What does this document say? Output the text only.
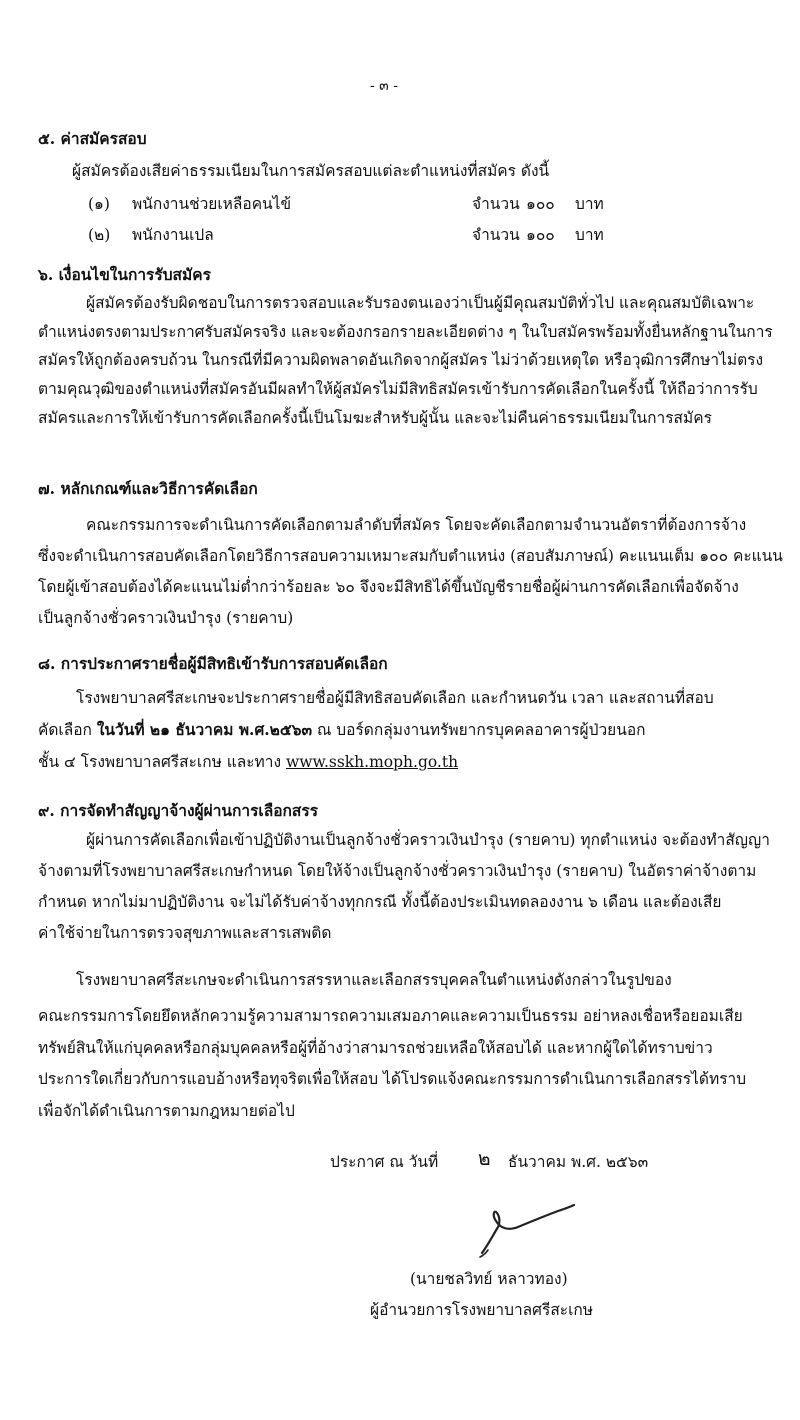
- ๓ -
๕. ค่าสมัครสอบ
ผู้สมัครต้องเสียค่าธรรมเนียมในการสมัครสอบแต่ละตำแหน่งที่สมัคร ดังนี้
(๑) พนักงานช่วยเหลือคนไข้	จำนวน ๑๐๐ บาท
(๒) พนักงานเปล	จำนวน ๑๐๐ บาท
๖. เงื่อนไขในการรับสมัคร
ผู้สมัครต้องรับผิดชอบในการตรวจสอบและรับรองตนเองว่าเป็นผู้มีคุณสมบัติทั่วไป และคุณสมบัติเฉพาะ
ตำแหน่งตรงตามประกาศรับสมัครจริง และจะต้องกรอกรายละเอียดต่าง ๆ ในใบสมัครพร้อมทั้งยื่นหลักฐานในการ
สมัครให้ถูกต้องครบถ้วน ในกรณีที่มีความผิดพลาดอันเกิดจากผู้สมัคร ไม่ว่าด้วยเหตุใด หรือวุฒิการศึกษาไม่ตรง
ตามคุณวุฒิของตำแหน่งที่สมัครอันมีผลทำให้ผู้สมัครไม่มีสิทธิสมัครเข้ารับการคัดเลือกในครั้งนี้ ให้ถือว่าการรับ
สมัครและการให้เข้ารับการคัดเลือกครั้งนี้เป็นโมฆะสำหรับผู้นั้น และจะไม่คืนค่าธรรมเนียมในการสมัคร
๗. หลักเกณฑ์และวิธีการคัดเลือก
คณะกรรมการจะดำเนินการคัดเลือกตามลำดับที่สมัคร โดยจะคัดเลือกตามจำนวนอัตราที่ต้องการจ้าง
ซึ่งจะดำเนินการสอบคัดเลือกโดยวิธีการสอบความเหมาะสมกับตำแหน่ง (สอบสัมภาษณ์) คะแนนเต็ม ๑๐๐ คะแนน
โดยผู้เข้าสอบต้องได้คะแนนไม่ต่ำกว่าร้อยละ ๖๐ จึงจะมีสิทธิได้ขึ้นบัญชีรายชื่อผู้ผ่านการคัดเลือกเพื่อจัดจ้าง
เป็นลูกจ้างชั่วคราวเงินบำรุง (รายคาบ)
๘. การประกาศรายชื่อผู้มีสิทธิเข้ารับการสอบคัดเลือก
โรงพยาบาลศรีสะเกษจะประกาศรายชื่อผู้มีสิทธิสอบคัดเลือก และกำหนดวัน เวลา และสถานที่สอบ
คัดเลือก ในวันที่ ๒๑ ธันวาคม พ.ศ.๒๕๖๓ ณ บอร์ดกลุ่มงานทรัพยากรบุคคลอาคารผู้ป่วยนอก
ชั้น ๔ โรงพยาบาลศรีสะเกษ และทาง www.sskh.moph.go.th
๙. การจัดทำสัญญาจ้างผู้ผ่านการเลือกสรร
ผู้ผ่านการคัดเลือกเพื่อเข้าปฏิบัติงานเป็นลูกจ้างชั่วคราวเงินบำรุง (รายคาบ) ทุกตำแหน่ง จะต้องทำสัญญา
จ้างตามที่โรงพยาบาลศรีสะเกษกำหนด โดยให้จ้างเป็นลูกจ้างชั่วคราวเงินบำรุง (รายคาบ) ในอัตราค่าจ้างตาม
กำหนด หากไม่มาปฏิบัติงาน จะไม่ได้รับค่าจ้างทุกกรณี ทั้งนี้ต้องประเมินทดลองงาน ๖ เดือน และต้องเสีย
ค่าใช้จ่ายในการตรวจสุขภาพและสารเสพติด
โรงพยาบาลศรีสะเกษจะดำเนินการสรรหาและเลือกสรรบุคคลในตำแหน่งดังกล่าวในรูปของ
คณะกรรมการโดยยึดหลักความรู้ความสามารถความเสมอภาคและความเป็นธรรม อย่าหลงเชื่อหรือยอมเสีย
ทรัพย์สินให้แก่บุคคลหรือกลุ่มบุคคลหรือผู้ที่อ้างว่าสามารถช่วยเหลือให้สอบได้ และหากผู้ใดได้ทราบข่าว
ประการใดเกี่ยวกับการแอบอ้างหรือทุจริตเพื่อให้สอบ ได้โปรดแจ้งคณะกรรมการดำเนินการเลือกสรรได้ทราบ
เพื่อจักได้ดำเนินการตามกฎหมายต่อไป
ประกาศ ณ วันที่ ๒ ธันวาคม พ.ศ. ๒๕๖๓
(นายชลวิทย์ หลาวทอง)
ผู้อำนวยการโรงพยาบาลศรีสะเกษ
